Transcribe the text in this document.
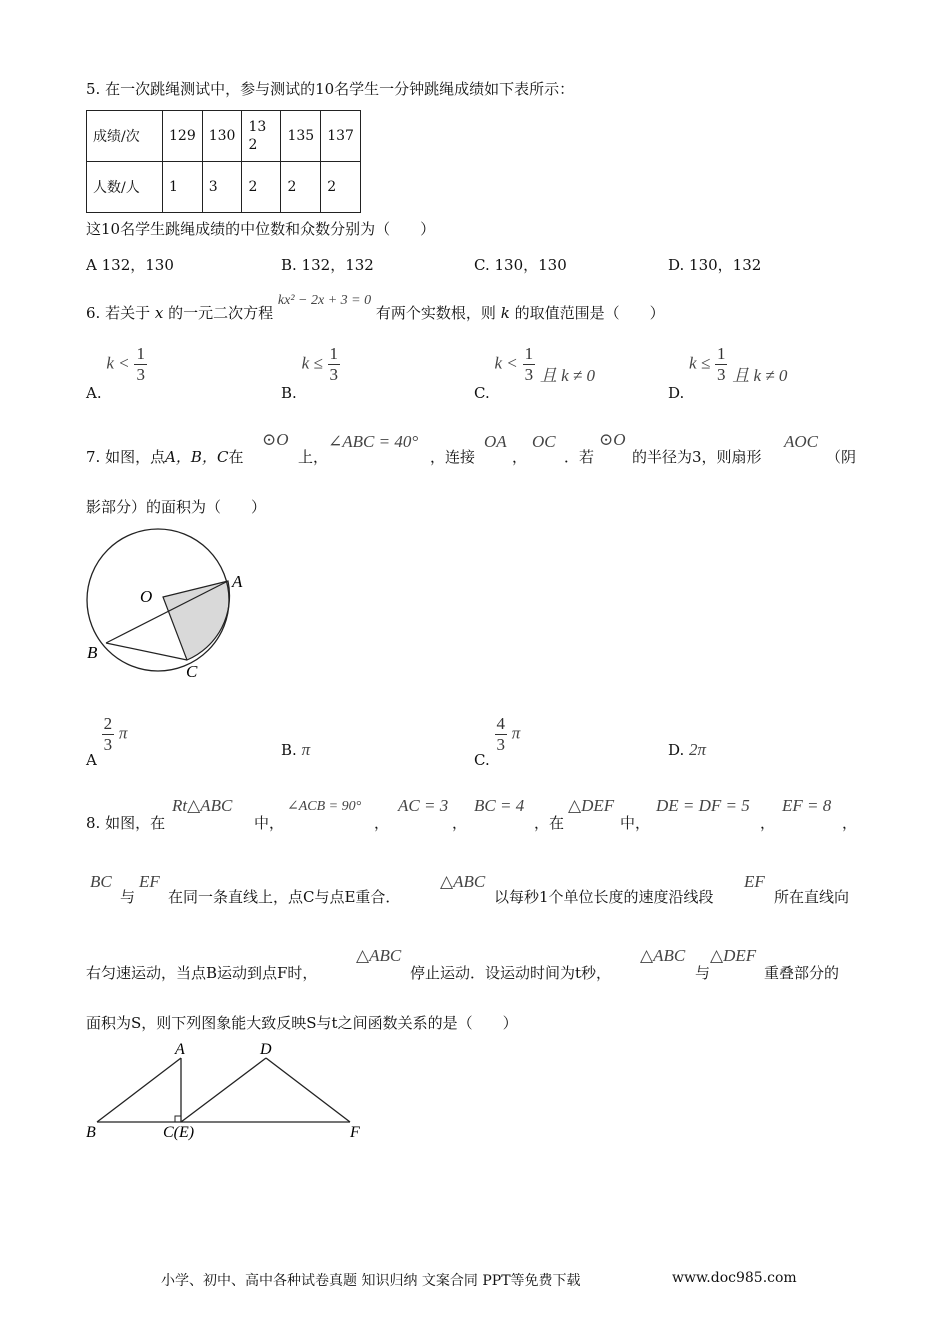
5. 在一次跳绳测试中，参与测试的10名学生一分钟跳绳成绩如下表所示：
成绩/次	129	130	13 2	135	137
人数/人	1	3	2	2	2
这10名学生跳绳成绩的中位数和众数分别为（　　）
A 132，130	B. 132，132	C. 130，130	D. 130，132
6. 若关于 x 的一元二次方程 kx² − 2x + 3 = 0 有两个实数根，则 k 的取值范围是（　　）
A. $k < \frac{1}{3}$
B. $k \le \frac{1}{3}$
C. $k < \frac{1}{3}$ 且 k ≠ 0
D. $k \le \frac{1}{3}$ 且 k ≠ 0
7. 如图，点A，B，C在
⊙O
上，
∠ABC = 40°
，连接
OA
，
OC
．若
⊙O
的半径为3，则扇形
AOC
（阴
影部分）的面积为（　　）
O
A
B
C
A
$\frac{2}{3}$ π
B. π
C.
$\frac{4}{3}$ π
D. 2π
8. 如图，在
Rt△ABC
中，
∠ACB = 90°
，
AC = 3
，
BC = 4
，在
△DEF
中，
DE = DF = 5
，
EF = 8
，
BC
与
EF
在同一条直线上，点C与点E重合．
△ABC
以每秒1个单位长度的速度沿线段
EF
所在直线向
右匀速运动，当点B运动到点F时，
△ABC
停止运动．设运动时间为t秒，
△ABC
与
△DEF
重叠部分的
面积为S，则下列图象能大致反映S与t之间函数关系的是（　　）
A	D
B	C(E)	F
小学、初中、高中各种试卷真题 知识归纳 文案合同 PPT等免费下载	www.doc985.com
